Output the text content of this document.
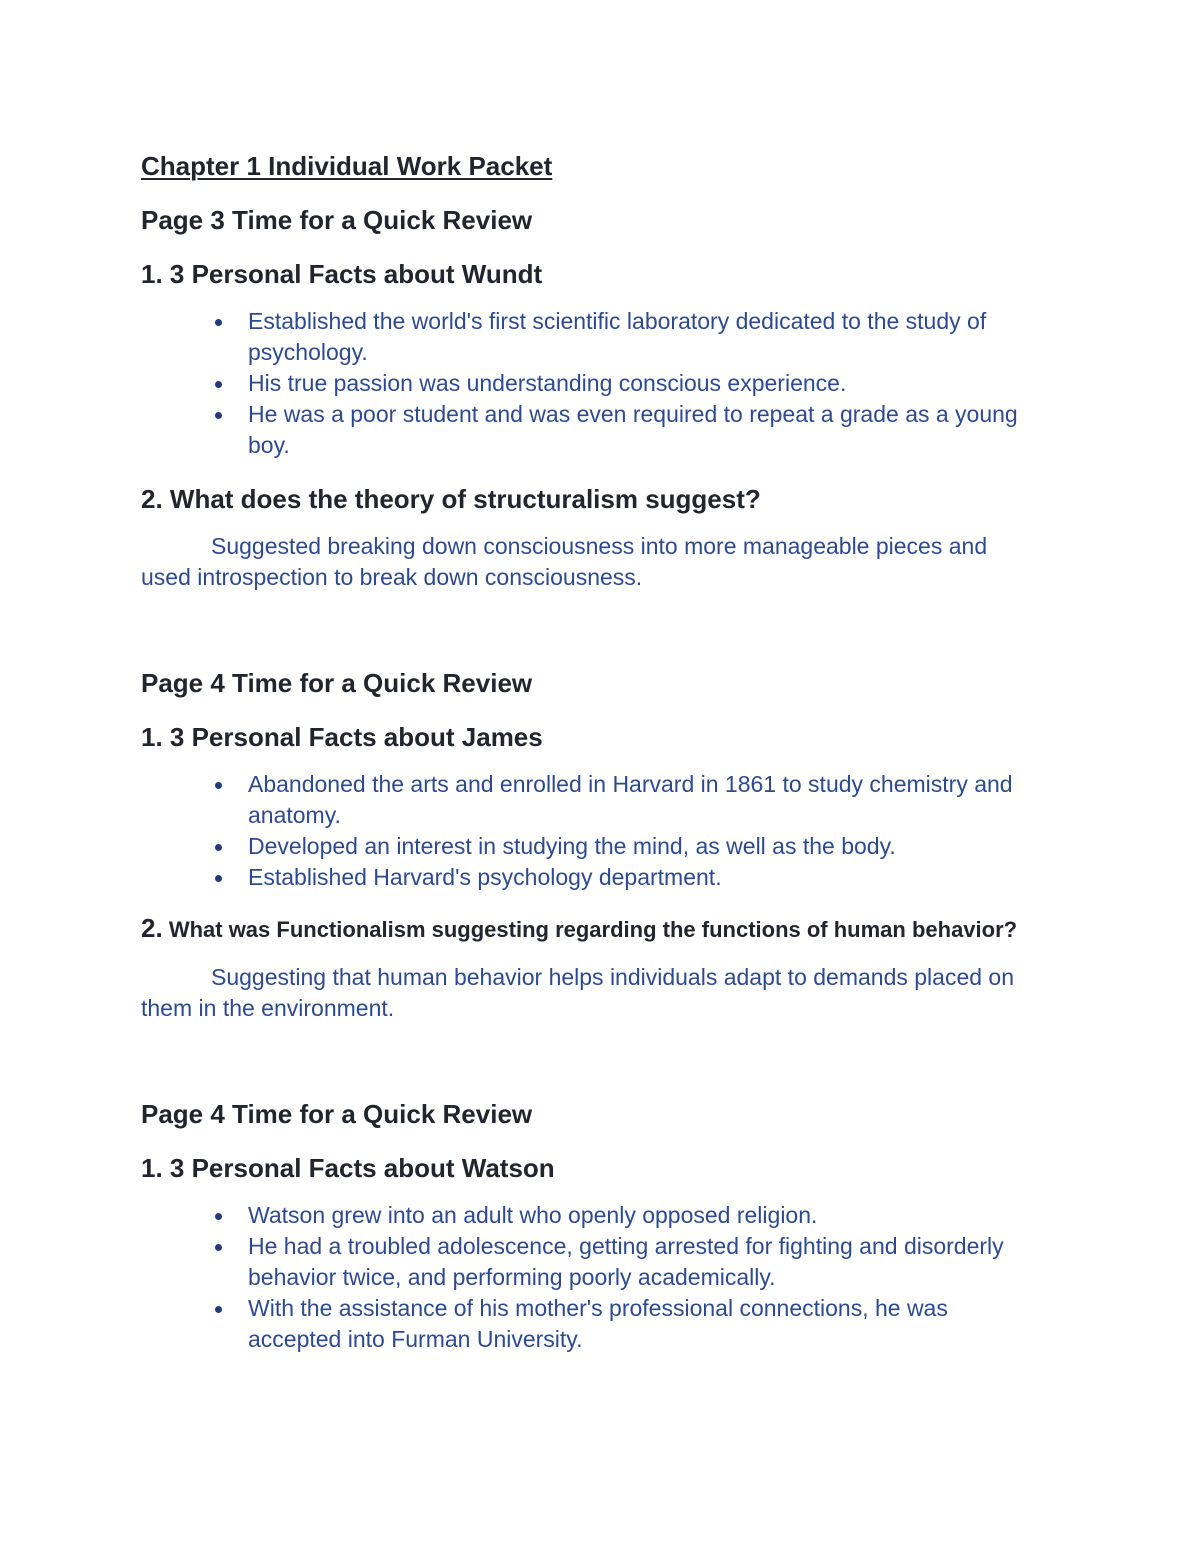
Chapter 1 Individual Work Packet
Page 3 Time for a Quick Review
1. 3 Personal Facts about Wundt
Established the world's first scientific laboratory dedicated to the study of psychology.
His true passion was understanding conscious experience.
He was a poor student and was even required to repeat a grade as a young boy.
2. What does the theory of structuralism suggest?

Suggested breaking down consciousness into more manageable pieces and used introspection to break down consciousness.

Page 4 Time for a Quick Review
1. 3 Personal Facts about James
Abandoned the arts and enrolled in Harvard in 1861 to study chemistry and anatomy.
Developed an interest in studying the mind, as well as the body.
Established Harvard's psychology department.

2. What was Functionalism suggesting regarding the functions of human behavior?

Suggesting that human behavior helps individuals adapt to demands placed on them in the environment.

Page 4 Time for a Quick Review
1. 3 Personal Facts about Watson
Watson grew into an adult who openly opposed religion.
He had a troubled adolescence, getting arrested for fighting and disorderly behavior twice, and performing poorly academically.
With the assistance of his mother's professional connections, he was accepted into Furman University.
